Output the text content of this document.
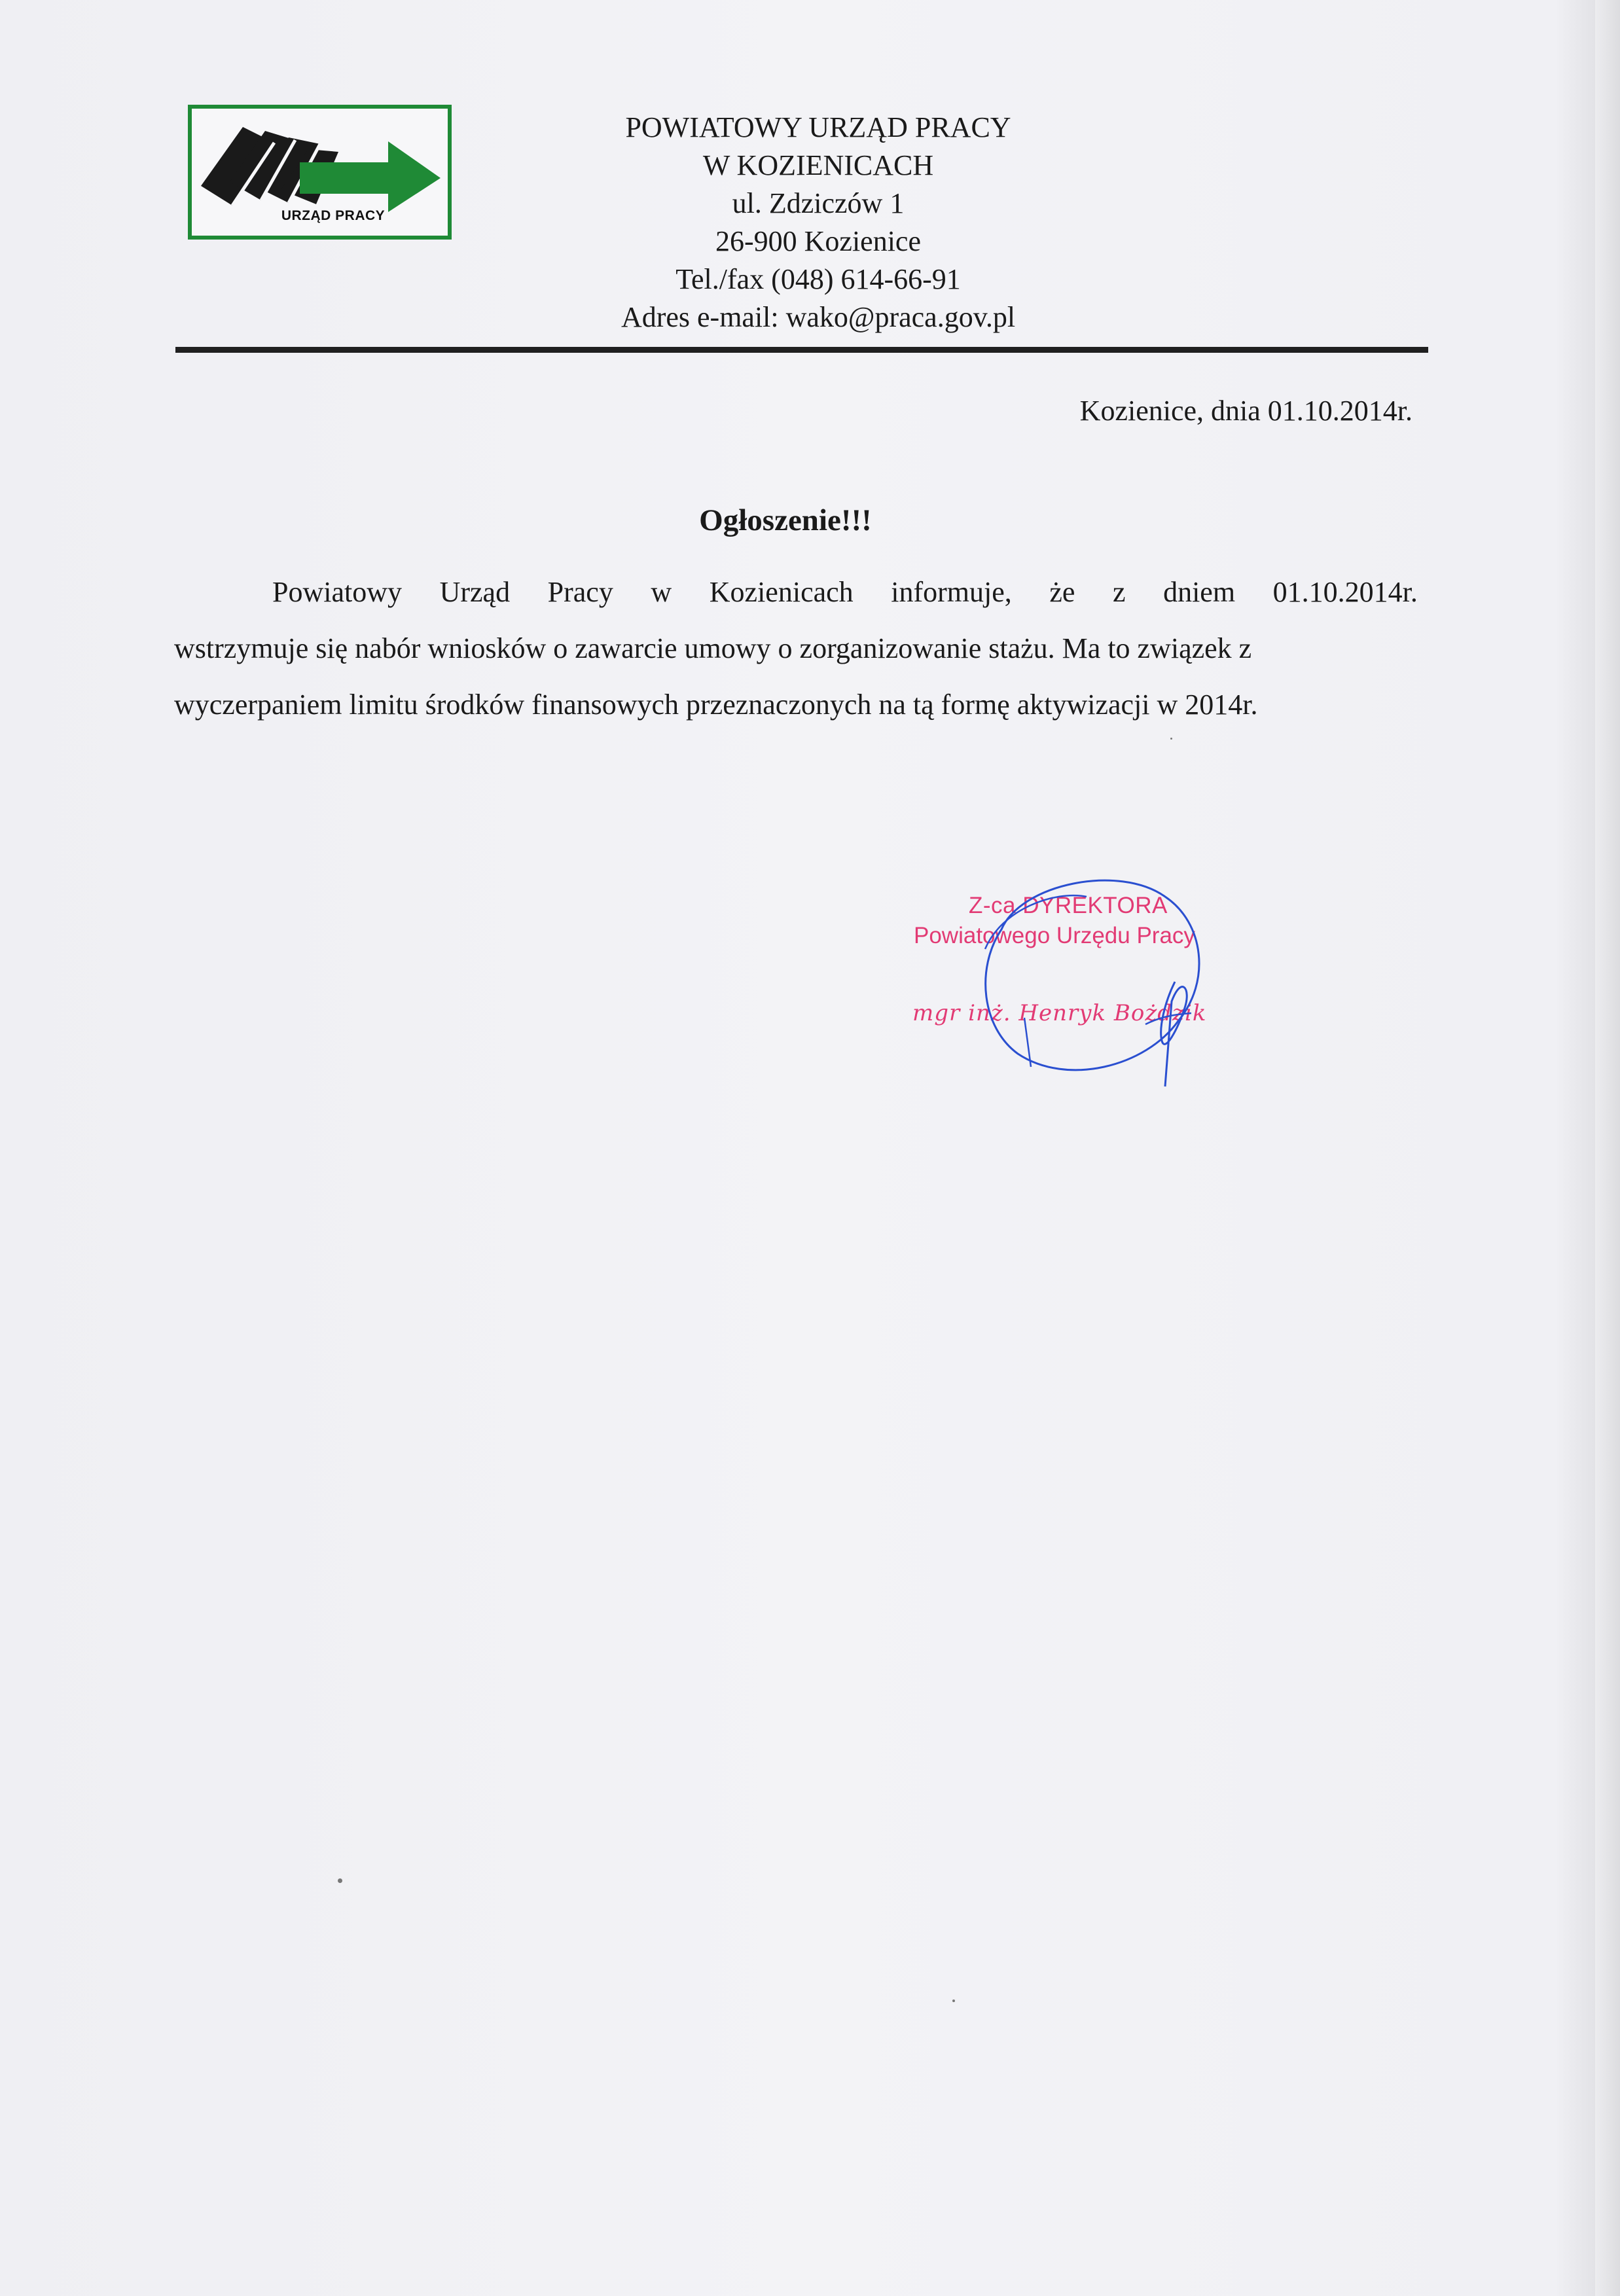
URZĄD PRACY
POWIATOWY URZĄD PRACY
W KOZIENICACH
ul. Zdziczów 1
26-900 Kozienice
Tel./fax (048) 614-66-91
Adres e-mail: wako@praca.gov.pl
Kozienice, dnia 01.10.2014r.
Ogłoszenie!!!
Powiatowy Urząd Pracy w Kozienicach informuje, że z dniem 01.10.2014r.
wstrzymuje się nabór wniosków o zawarcie umowy o zorganizowanie stażu. Ma to związek z
wyczerpaniem limitu środków finansowych przeznaczonych na tą formę aktywizacji w 2014r.
Z-ca DYREKTORA
Powiatowego Urzędu Pracy
mgr inż. Henryk Bożdzik
